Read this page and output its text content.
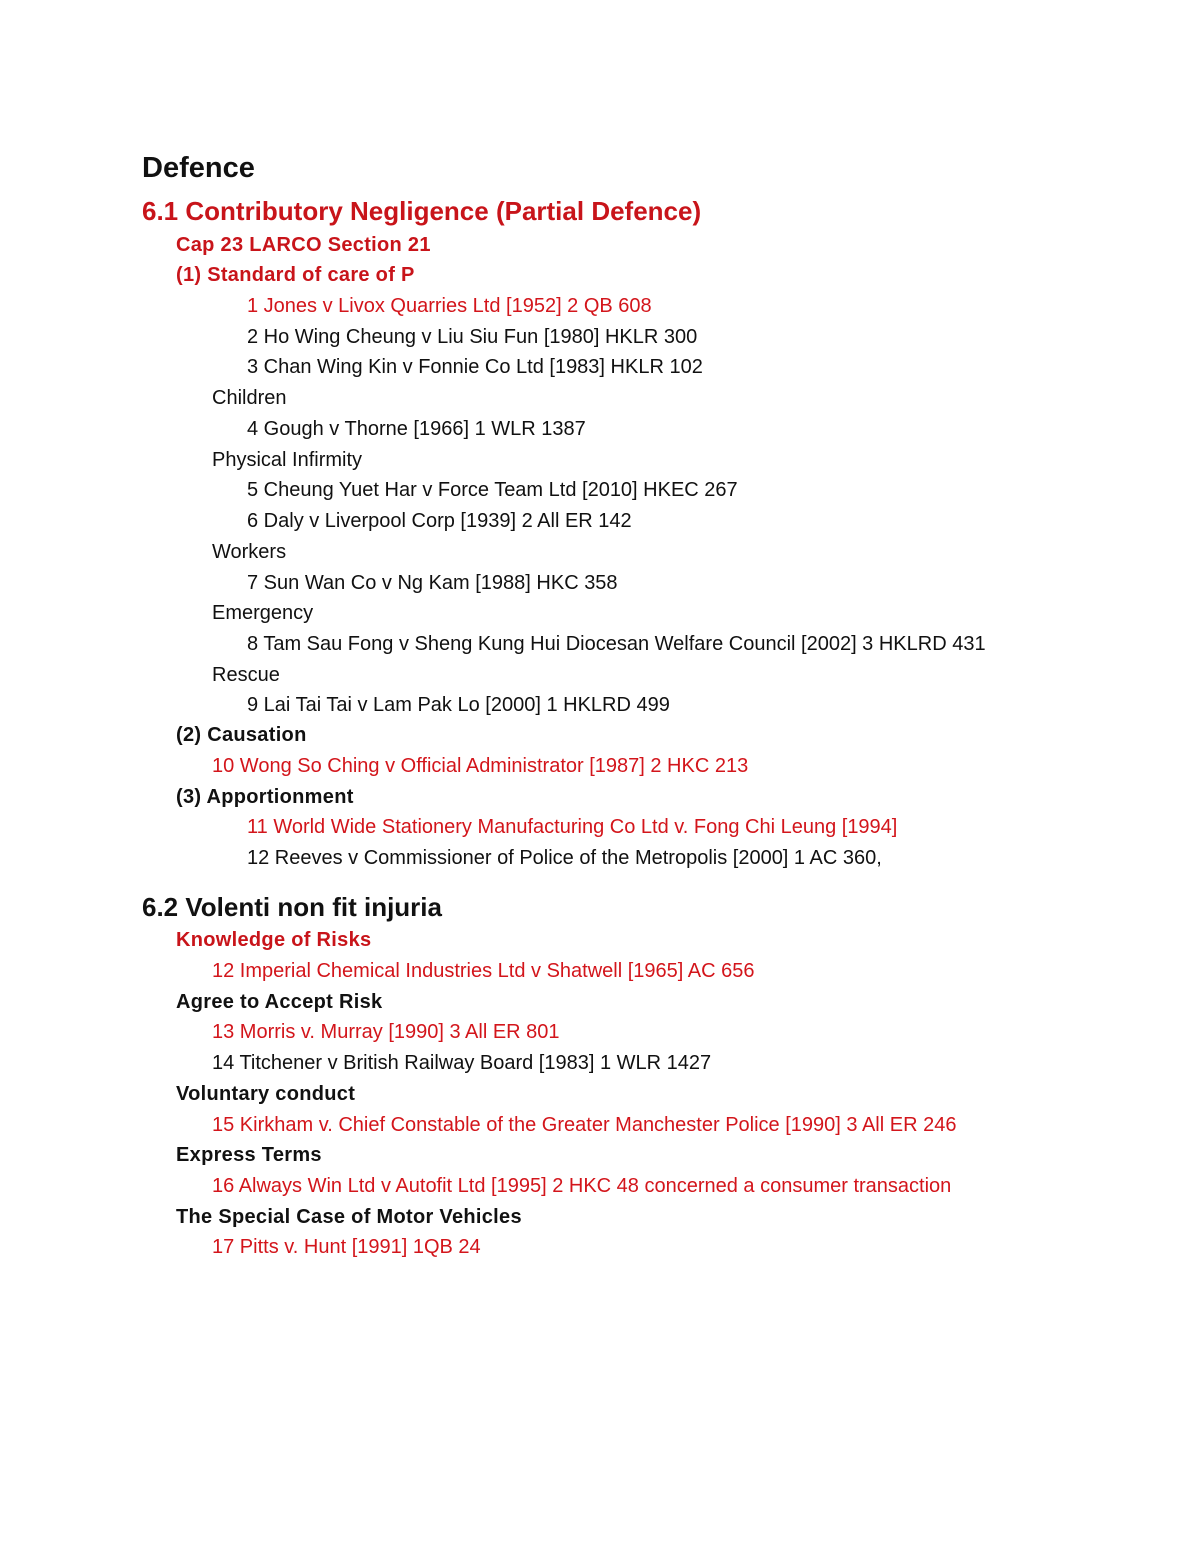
Defence
6.1 Contributory Negligence (Partial Defence)
Cap 23 LARCO Section 21
(1) Standard of care of P
1 Jones v Livox Quarries Ltd [1952] 2 QB 608
2 Ho Wing Cheung v Liu Siu Fun [1980] HKLR 300
3 Chan Wing Kin v Fonnie Co Ltd [1983] HKLR 102
Children
4 Gough v Thorne [1966] 1 WLR 1387
Physical Infirmity
5 Cheung Yuet Har v Force Team Ltd [2010] HKEC 267
6 Daly v Liverpool Corp [1939] 2 All ER 142
Workers
7 Sun Wan Co v Ng Kam [1988] HKC 358
Emergency
8 Tam Sau Fong v Sheng Kung Hui Diocesan Welfare Council [2002] 3 HKLRD 431
Rescue
9 Lai Tai Tai v Lam Pak Lo [2000] 1 HKLRD 499
(2) Causation
10 Wong So Ching v Official Administrator [1987] 2 HKC 213
(3) Apportionment
11 World Wide Stationery Manufacturing Co Ltd v. Fong Chi Leung [1994]
12 Reeves v Commissioner of Police of the Metropolis [2000] 1 AC 360,
6.2 Volenti non fit injuria
Knowledge of Risks
12 Imperial Chemical Industries Ltd v Shatwell [1965] AC 656
Agree to Accept Risk
13 Morris v. Murray [1990] 3 All ER 801
14 Titchener v British Railway Board [1983] 1 WLR 1427
Voluntary conduct
15 Kirkham v. Chief Constable of the Greater Manchester Police [1990] 3 All ER 246
Express Terms
16 Always Win Ltd v Autofit Ltd [1995] 2 HKC 48 concerned a consumer transaction
The Special Case of Motor Vehicles
17 Pitts v. Hunt [1991] 1QB 24
